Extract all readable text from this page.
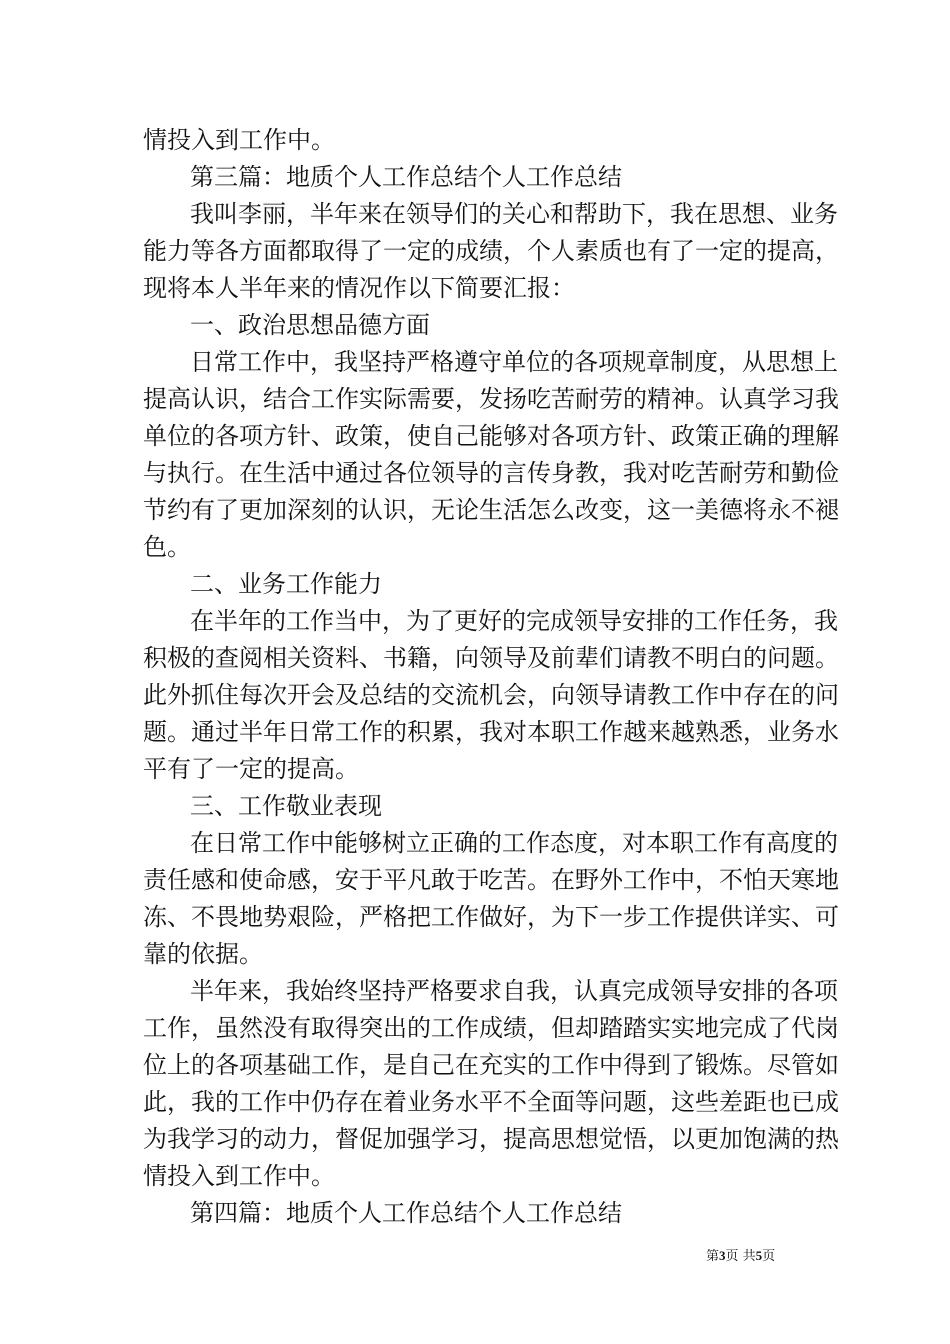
情投入到工作中。
第三篇：地质个人工作总结个人工作总结
我叫李丽，半年来在领导们的关心和帮助下，我在思想、业务
能力等各方面都取得了一定的成绩，个人素质也有了一定的提高，
现将本人半年来的情况作以下简要汇报：
一、政治思想品德方面
日常工作中，我坚持严格遵守单位的各项规章制度，从思想上
提高认识，结合工作实际需要，发扬吃苦耐劳的精神。认真学习我
单位的各项方针、政策，使自己能够对各项方针、政策正确的理解
与执行。在生活中通过各位领导的言传身教，我对吃苦耐劳和勤俭
节约有了更加深刻的认识，无论生活怎么改变，这一美德将永不褪
色。
二、业务工作能力
在半年的工作当中，为了更好的完成领导安排的工作任务，我
积极的查阅相关资料、书籍，向领导及前辈们请教不明白的问题。
此外抓住每次开会及总结的交流机会，向领导请教工作中存在的问
题。通过半年日常工作的积累，我对本职工作越来越熟悉，业务水
平有了一定的提高。
三、工作敬业表现
在日常工作中能够树立正确的工作态度，对本职工作有高度的
责任感和使命感，安于平凡敢于吃苦。在野外工作中，不怕天寒地
冻、不畏地势艰险，严格把工作做好，为下一步工作提供详实、可
靠的依据。
半年来，我始终坚持严格要求自我，认真完成领导安排的各项
工作，虽然没有取得突出的工作成绩，但却踏踏实实地完成了代岗
位上的各项基础工作，是自己在充实的工作中得到了锻炼。尽管如
此，我的工作中仍存在着业务水平不全面等问题，这些差距也已成
为我学习的动力，督促加强学习，提高思想觉悟，以更加饱满的热
情投入到工作中。
第四篇：地质个人工作总结个人工作总结
第3页 共5页
